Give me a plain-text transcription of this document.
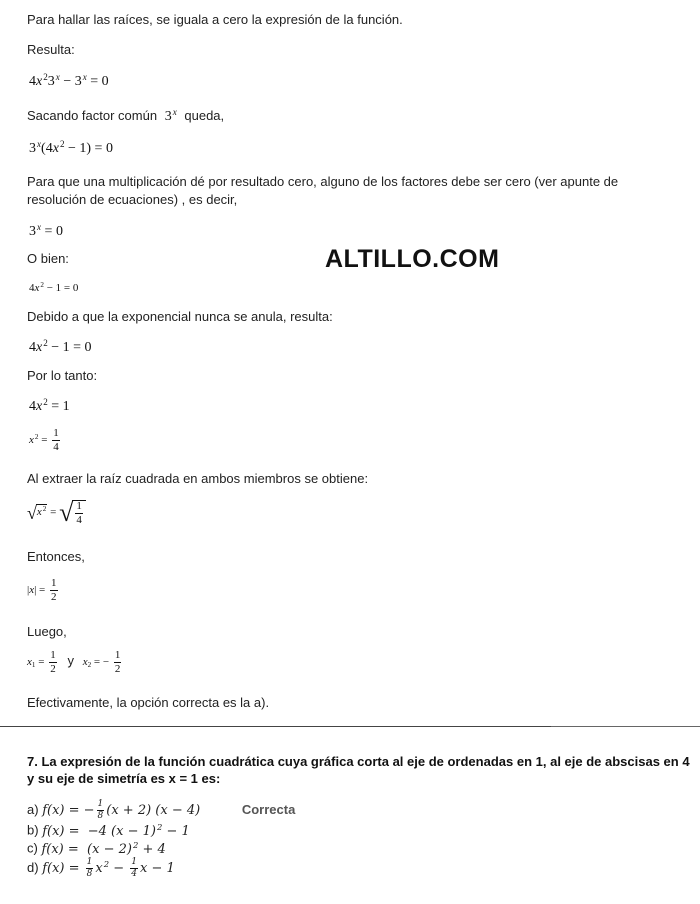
Para hallar las raíces, se iguala a cero la expresión de la función.
Resulta:
$4x^23^x - 3^x = 0$
Sacando factor común 3$^x$ queda,
$3^x(4x^2 - 1) = 0$
Para que una multiplicación dé por resultado cero, alguno de los factores debe ser cero (ver apunte de
resolución de ecuaciones) , es decir,
$3^x = 0$
O bien:	ALTILLO.COM
$4x^2 - 1 = 0$
Debido a que la exponencial nunca se anula, resulta:
$4x^2 - 1 = 0$
Por lo tanto:
$4x^2 = 1$
$x^2 = \frac{1}{4}$
Al extraer la raíz cuadrada en ambos miembros se obtiene:
√ $x^2$ = √ $\frac{1}{4}$
Entonces,
$|x| = \frac{1}{2}$
Luego,
$x_1 = \frac{1}{2}$ y $x_2$ = − $\frac{1}{2}$
Efectivamente, la opción correcta es la a).
7. La expresión de la función cuadrática cuya gráfica corta al eje de ordenadas en 1, al eje de abscisas en 4 y su eje de simetría es x = 1 es:
a) f(x) = − $\frac{1}{8} (x + 2) (x - 4)$	Correcta
b) f(x) =  −4 $(x - 1)^2 - 1$
c) $f(x) = (x - 2)^2 + 4$
d) $f(x) = \frac{1}{8} x^2 - \frac{1}{4}$ x − 1
